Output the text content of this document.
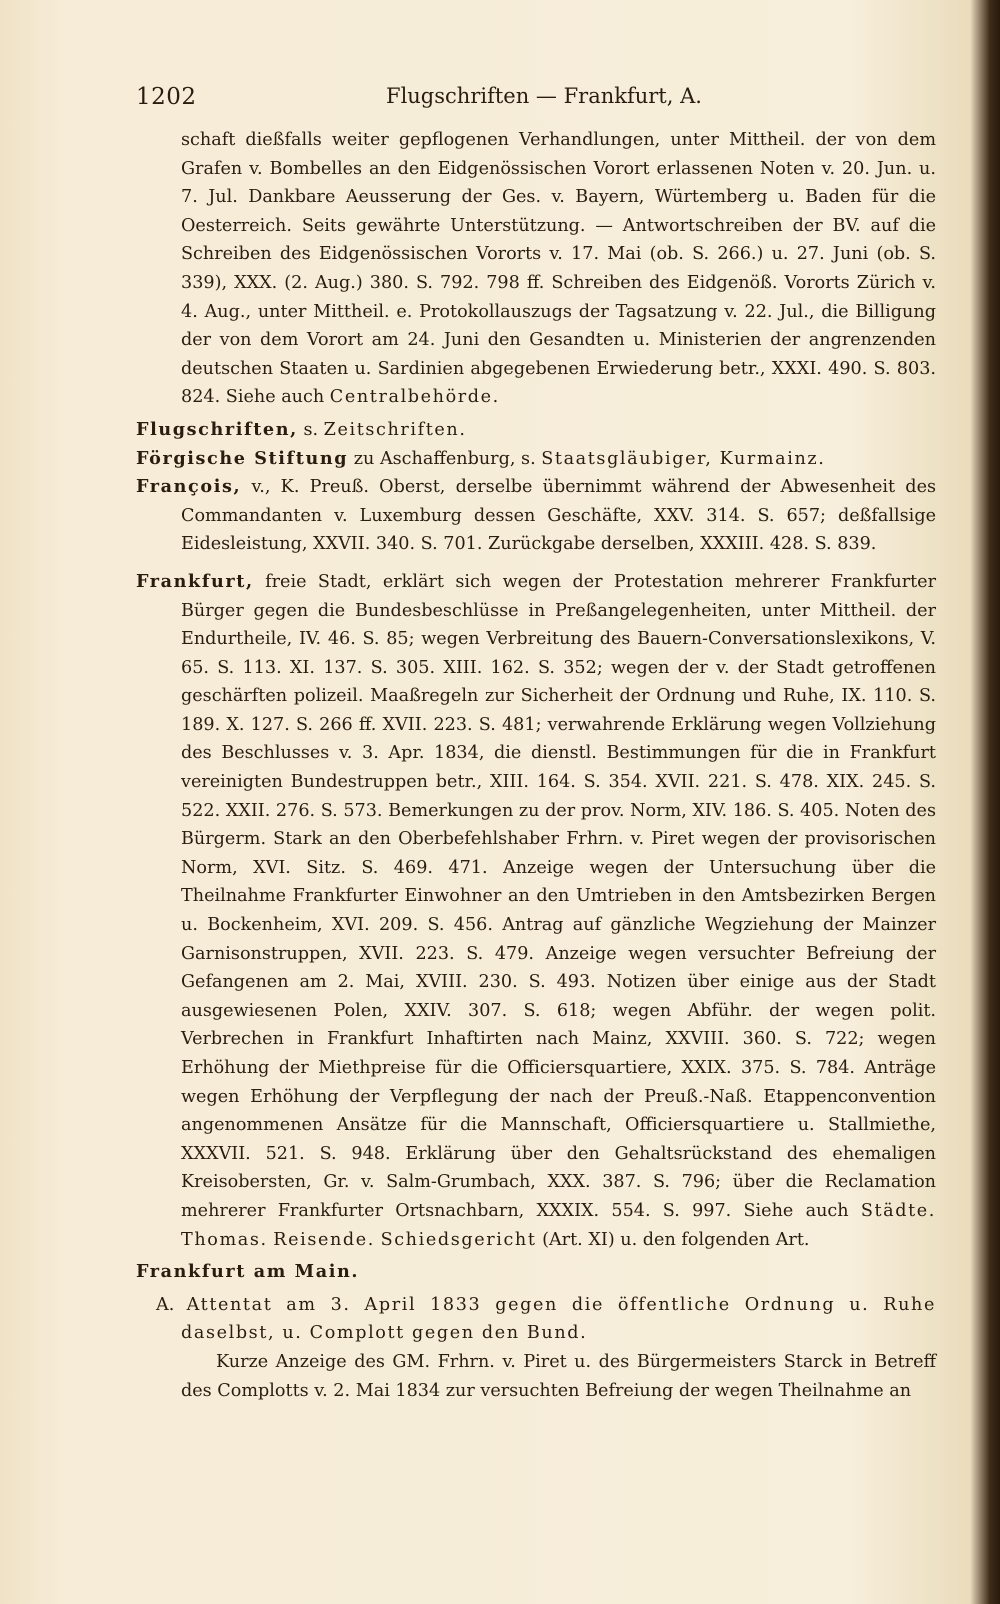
1202	Flugschriften — Frankfurt, A.

schaft dießfalls weiter gepflogenen Verhandlungen, unter Mittheil. der von dem Grafen v. Bombelles an den Eidgenössischen Vorort erlassenen Noten v. 20. Jun. u. 7. Jul. Dankbare Aeusserung der Ges. v. Bayern, Würtemberg u. Baden für die Oesterreich. Seits gewährte Unterstützung. — Antwortschreiben der BV. auf die Schreiben des Eidgenössischen Vororts v. 17. Mai (ob. S. 266.) u. 27. Juni (ob. S. 339), XXX. (2. Aug.) 380. S. 792. 798 ff. Schreiben des Eidgenöß. Vororts Zürich v. 4. Aug., unter Mittheil. e. Protokollauszugs der Tagsatzung v. 22. Jul., die Billigung der von dem Vorort am 24. Juni den Gesandten u. Ministerien der angrenzenden deutschen Staaten u. Sardinien abgegebenen Erwiederung betr., XXXI. 490. S. 803. 824. Siehe auch Centralbehörde.

Flugschriften, s. Zeitschriften.

Förgische Stiftung zu Aschaffenburg, s. Staatsgläubiger, Kurmainz.

François, v., K. Preuß. Oberst, derselbe übernimmt während der Abwesenheit des Commandanten v. Luxemburg dessen Geschäfte, XXV. 314. S. 657; deßfallsige Eidesleistung, XXVII. 340. S. 701. Zurückgabe derselben, XXXIII. 428. S. 839.

Frankfurt, freie Stadt, erklärt sich wegen der Protestation mehrerer Frankfurter Bürger gegen die Bundesbeschlüsse in Preßangelegenheiten, unter Mittheil. der Endurtheile, IV. 46. S. 85; wegen Verbreitung des Bauern-Conversationslexikons, V. 65. S. 113. XI. 137. S. 305. XIII. 162. S. 352; wegen der v. der Stadt getroffenen geschärften polizeil. Maaßregeln zur Sicherheit der Ordnung und Ruhe, IX. 110. S. 189. X. 127. S. 266 ff. XVII. 223. S. 481; verwahrende Erklärung wegen Vollziehung des Beschlusses v. 3. Apr. 1834, die dienstl. Bestimmungen für die in Frankfurt vereinigten Bundestruppen betr., XIII. 164. S. 354. XVII. 221. S. 478. XIX. 245. S. 522. XXII. 276. S. 573. Bemerkungen zu der prov. Norm, XIV. 186. S. 405. Noten des Bürgerm. Stark an den Oberbefehlshaber Frhrn. v. Piret wegen der provisorischen Norm, XVI. Sitz. S. 469. 471. Anzeige wegen der Untersuchung über die Theilnahme Frankfurter Einwohner an den Umtrieben in den Amtsbezirken Bergen u. Bockenheim, XVI. 209. S. 456. Antrag auf gänzliche Wegziehung der Mainzer Garnisonstruppen, XVII. 223. S. 479. Anzeige wegen versuchter Befreiung der Gefangenen am 2. Mai, XVIII. 230. S. 493. Notizen über einige aus der Stadt ausgewiesenen Polen, XXIV. 307. S. 618; wegen Abführ. der wegen polit. Verbrechen in Frankfurt Inhaftirten nach Mainz, XXVIII. 360. S. 722; wegen Erhöhung der Miethpreise für die Officiersquartiere, XXIX. 375. S. 784. Anträge wegen Erhöhung der Verpflegung der nach der Preuß.-Naß. Etappenconvention angenommenen Ansätze für die Mannschaft, Officiersquartiere u. Stallmiethe, XXXVII. 521. S. 948. Erklärung über den Gehaltsrückstand des ehemaligen Kreisobersten, Gr. v. Salm-Grumbach, XXX. 387. S. 796; über die Reclamation mehrerer Frankfurter Ortsnachbarn, XXXIX. 554. S. 997. Siehe auch Städte. Thomas. Reisende. Schiedsgericht (Art. XI) u. den folgenden Art.

Frankfurt am Main.

A. Attentat am 3. April 1833 gegen die öffentliche Ordnung u. Ruhe daselbst, u. Complott gegen den Bund.

Kurze Anzeige des GM. Frhrn. v. Piret u. des Bürgermeisters Starck in Betreff des Complotts v. 2. Mai 1834 zur versuchten Befreiung der wegen Theilnahme an
